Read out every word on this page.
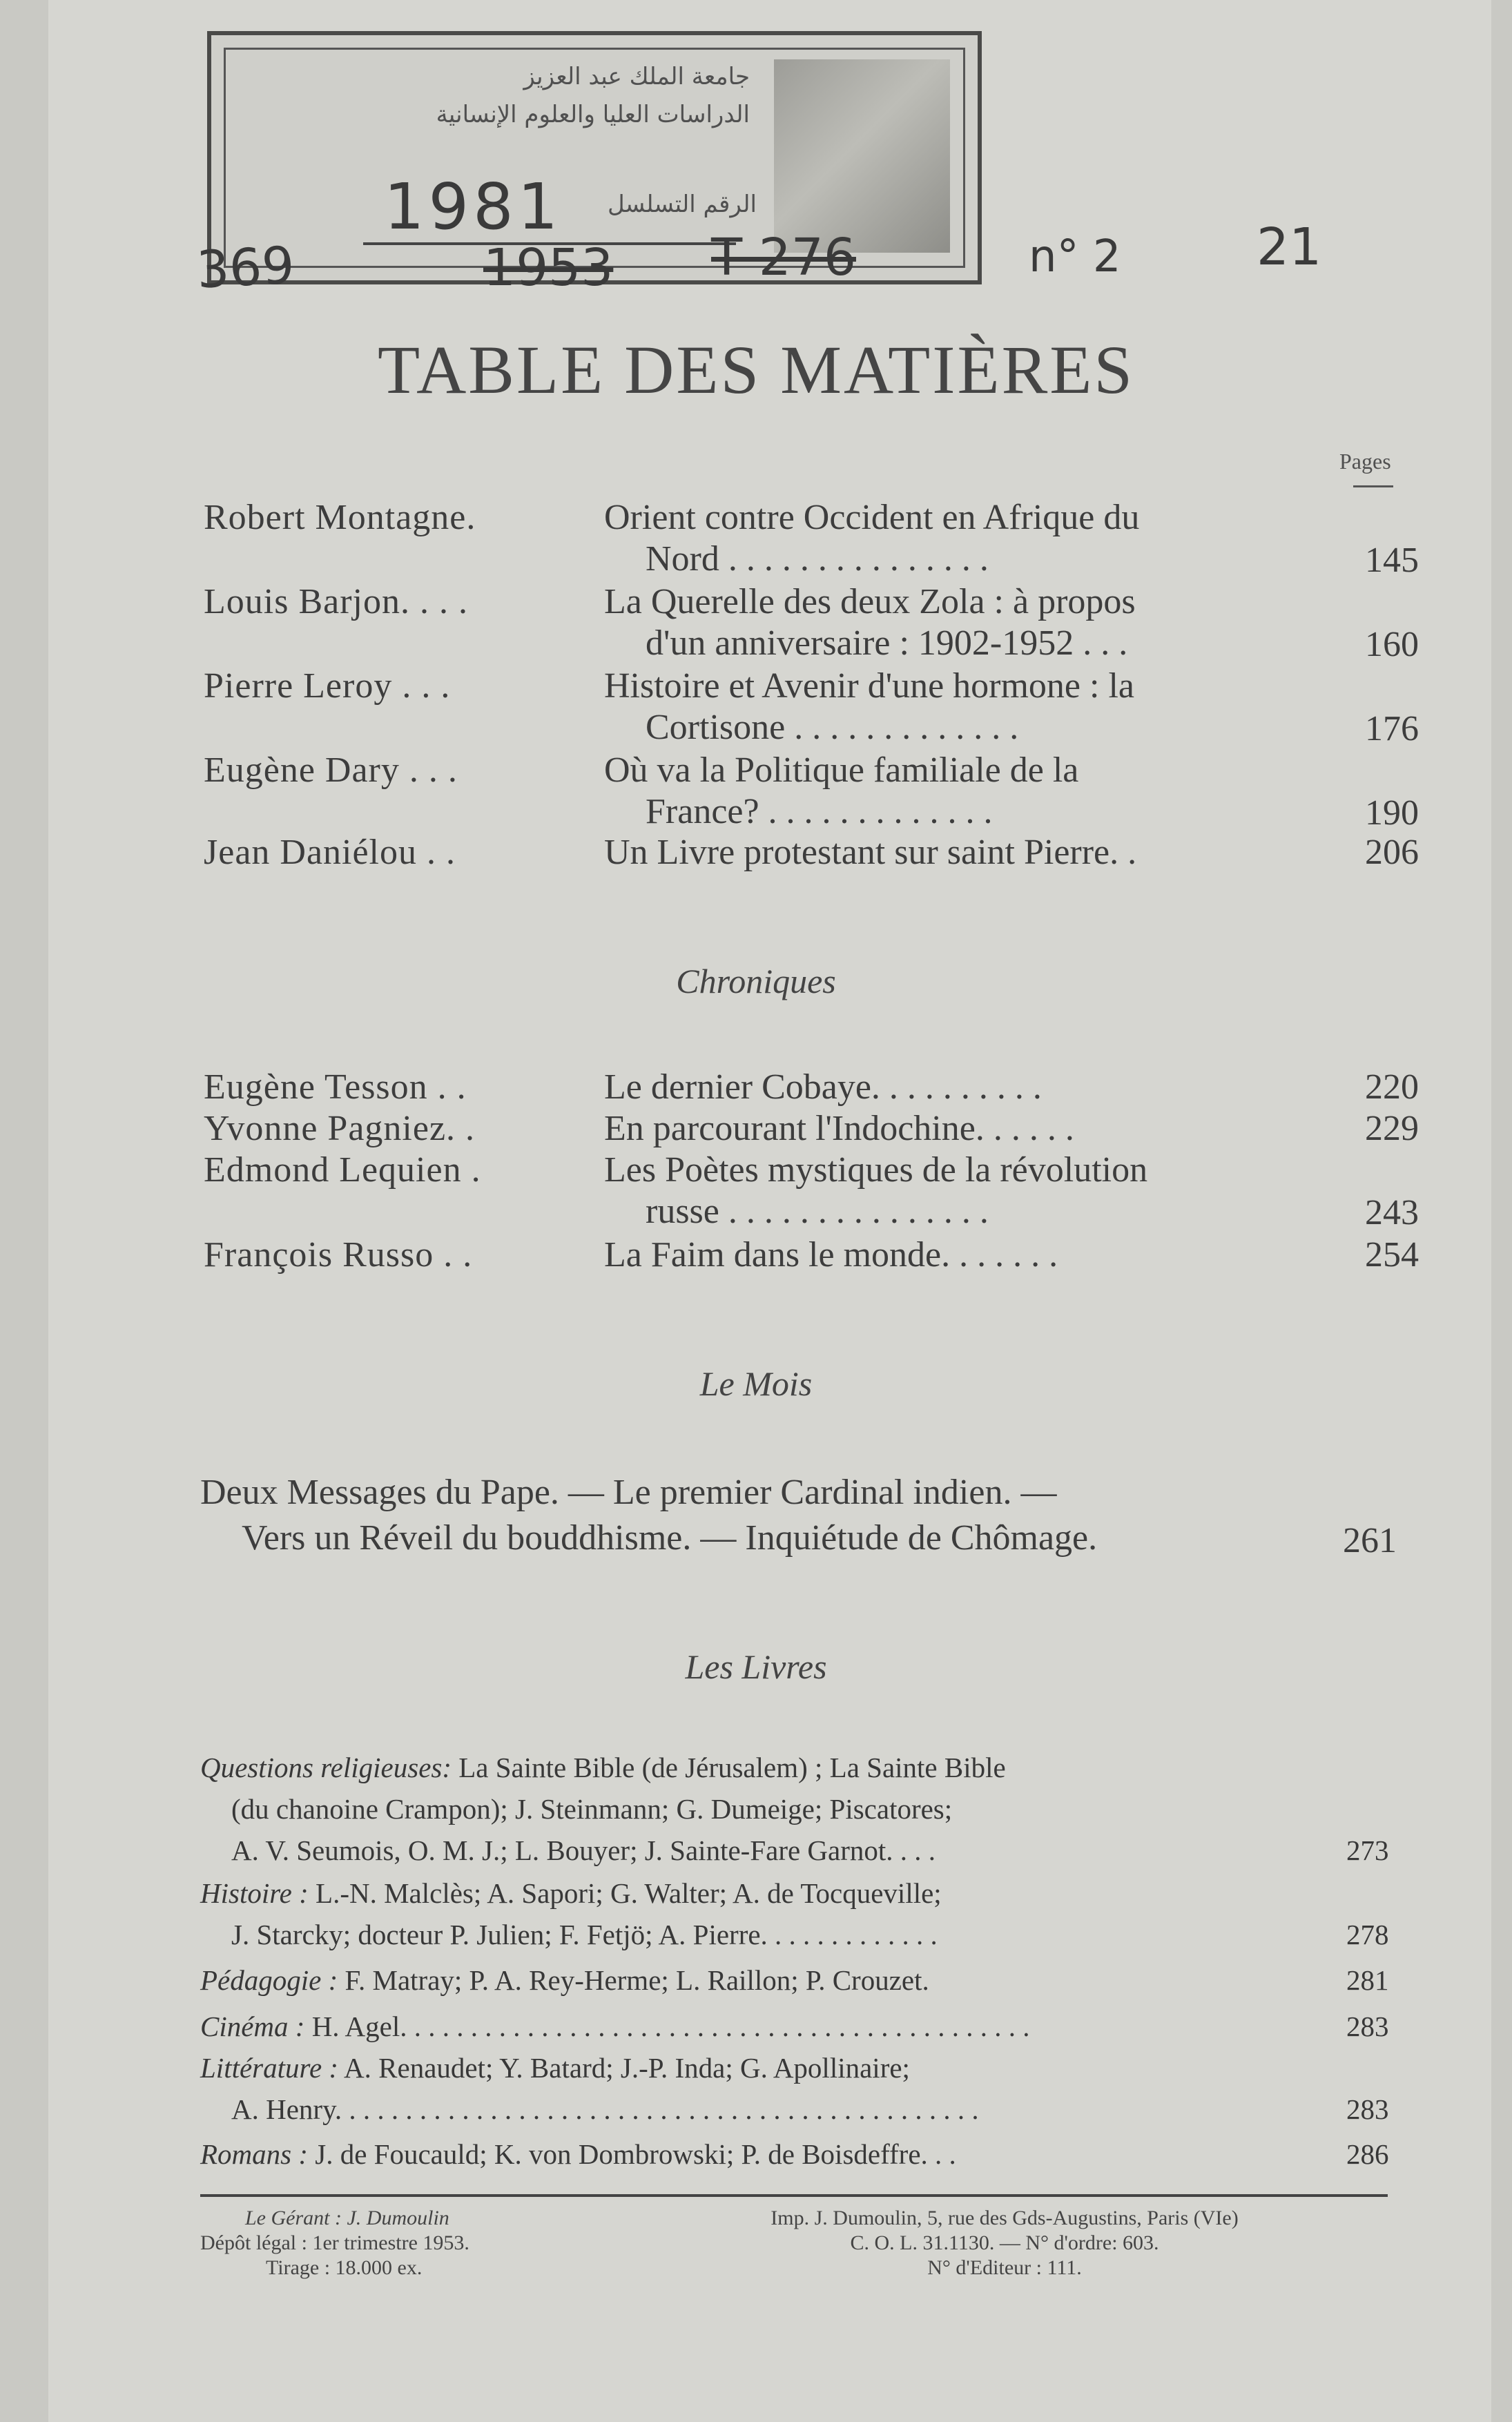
جامعة الملك عبد العزيز
الدراسات العليا والعلوم الإنسانية
الرقم التسلسل
1981
369	1953 T 276	n° 2	21
TABLE DES MATIÈRES
Pages
Robert Montagne.	Orient contre Occident en Afrique du
Nord . . . . . . . . . . . . . . .	145
Louis Barjon. . . .	La Querelle des deux Zola : à propos
d'un anniversaire : 1902-1952 . . .	160
Pierre Leroy . . .	Histoire et Avenir d'une hormone : la
Cortisone . . . . . . . . . . . . .	176
Eugène Dary . . .	Où va la Politique familiale de la
France? . . . . . . . . . . . . .	190
Jean Daniélou . .	Un Livre protestant sur saint Pierre. .	206
Chroniques
Eugène Tesson . .	Le dernier Cobaye. . . . . . . . . .	220
Yvonne Pagniez. .	En parcourant l'Indochine. . . . . .	229
Edmond Lequien .	Les Poètes mystiques de la révolution
russe . . . . . . . . . . . . . . .	243
François Russo . .	La Faim dans le monde. . . . . . .	254
Le Mois
Deux Messages du Pape. — Le premier Cardinal indien. —
Vers un Réveil du bouddhisme. — Inquiétude de Chômage.	261
Les Livres
Questions religieuses: La Sainte Bible (de Jérusalem) ; La Sainte Bible
(du chanoine Crampon); J. Steinmann; G. Dumeige; Piscatores;
A. V. Seumois, O. M. J.; L. Bouyer; J. Sainte-Fare Garnot. . . .	273
Histoire : L.-N. Malclès; A. Sapori; G. Walter; A. de Tocqueville;
J. Starcky; docteur P. Julien; F. Fetjö; A. Pierre. . . . . . . . . . . . .	278
Pédagogie : F. Matray; P. A. Rey-Herme; L. Raillon; P. Crouzet.	281
Cinéma : H. Agel. . . . . . . . . . . . . . . . . . . . . . . . . . . . . . . . . . . . . . . . . . . . .	283
Littérature : A. Renaudet; Y. Batard; J.-P. Inda; G. Apollinaire;
A. Henry. . . . . . . . . . . . . . . . . . . . . . . . . . . . . . . . . . . . . . . . . . . . . .	283
Romans : J. de Foucauld; K. von Dombrowski; P. de Boisdeffre. . .	286
Le Gérant : J. Dumoulin
Dépôt légal : 1er trimestre 1953.
Tirage : 18.000 ex.
Imp. J. Dumoulin, 5, rue des Gds-Augustins, Paris (VIe)
C. O. L. 31.1130. — N° d'ordre: 603.
N° d'Editeur : 111.
